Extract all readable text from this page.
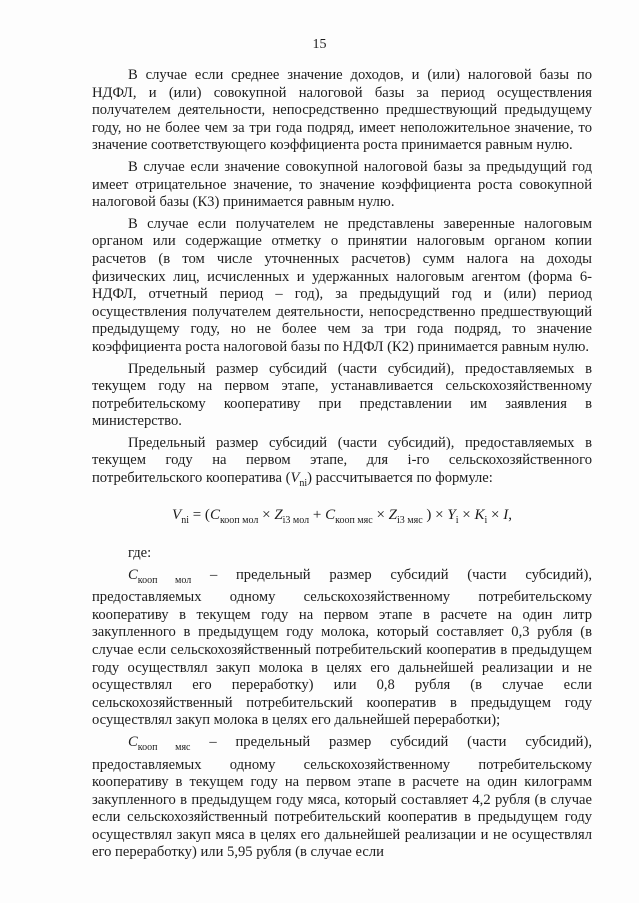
15

В случае если среднее значение доходов, и (или) налоговой базы по НДФЛ, и (или) совокупной налоговой базы за период осуществления получателем деятельности, непосредственно предшествующий предыдущему году, но не более чем за три года подряд, имеет неположительное значение, то значение соответствующего коэффициента роста принимается равным нулю.

В случае если значение совокупной налоговой базы за предыдущий год имеет отрицательное значение, то значение коэффициента роста совокупной налоговой базы (К3) принимается равным нулю.

В случае если получателем не представлены заверенные налоговым органом или содержащие отметку о принятии налоговым органом копии расчетов (в том числе уточненных расчетов) сумм налога на доходы физических лиц, исчисленных и удержанных налоговым агентом (форма 6-НДФЛ, отчетный период – год), за предыдущий год и (или) период осуществления получателем деятельности, непосредственно предшествующий предыдущему году, но не более чем за три года подряд, то значение коэффициента роста налоговой базы по НДФЛ (К2) принимается равным нулю.

Предельный размер субсидий (части субсидий), предоставляемых в текущем году на первом этапе, устанавливается сельскохозяйственному потребительскому кооперативу при представлении им заявления в министерство.

Предельный размер субсидий (части субсидий), предоставляемых в текущем году на первом этапе, для i-го сельскохозяйственного потребительского кооператива $(V_{ni})$ рассчитывается по формуле:

$V_{ni} = (C_{кооп мол} \times Z_{i3 мол} + C_{кооп мяс} \times Z_{i3 мяс}$ ) × $Y_i \times K_i \times I$,

где:

$C_{кооп мол}$ – предельный размер субсидий (части субсидий), предоставляемых одному сельскохозяйственному потребительскому кооперативу в текущем году на первом этапе в расчете на один литр закупленного в предыдущем году молока, который составляет 0,3 рубля (в случае если сельскохозяйственный потребительский кооператив в предыдущем году осуществлял закуп молока в целях его дальнейшей реализации и не осуществлял его переработку) или 0,8 рубля (в случае если сельскохозяйственный потребительский кооператив в предыдущем году осуществлял закуп молока в целях его дальнейшей переработки);

$C_{кооп мяс}$ – предельный размер субсидий (части субсидий), предоставляемых одному сельскохозяйственному потребительскому кооперативу в текущем году на первом этапе в расчете на один килограмм закупленного в предыдущем году мяса, который составляет 4,2 рубля (в случае если сельскохозяйственный потребительский кооператив в предыдущем году осуществлял закуп мяса в целях его дальнейшей реализации и не осуществлял его переработку) или 5,95 рубля (в случае если
